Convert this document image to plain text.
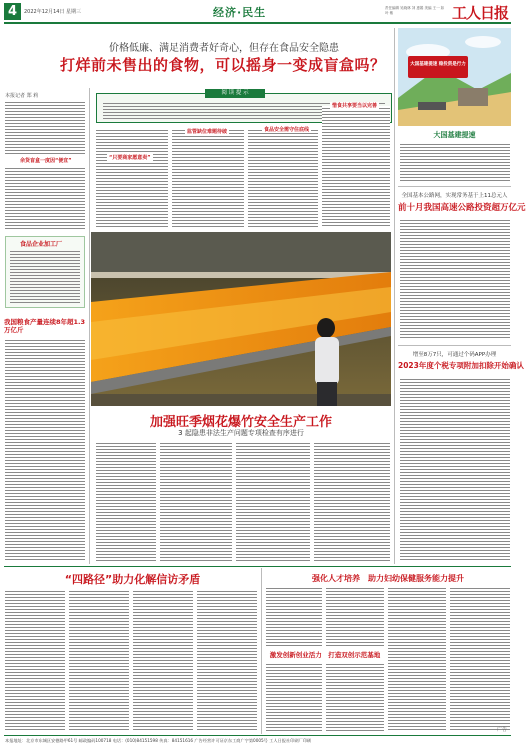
4	2022年12月14日 星期三	经济·民生	责任编辑 吴晓林 刘 惠娟 美编 王一 如 叶 敏	工人日报
价格低廉、满足消费者好奇心，但存在食品安全隐患
打烊前未售出的食物，可以摇身一变成盲盒吗？
本报记者 郑 莉
余货盲盒一度因“便宜”
阅 读 提 示
“只要商家愿意卖”
监管缺位难题待破	食品安全需守住底线
惜食共享要当以完善
食品企业加工厂
我国粮食产量连续8年超1.3万亿斤
加强旺季烟花爆竹安全生产工作
3 起隐患非法生产问题专项检查有序进行
大国基建提速 稳投资是行力
大国基建提速
全国基本公路网，实现常务基于上11总元人
前十月我国高速公路投资超万亿元
增至8万7只，可通过个码APP办理
2023年度个税专项附加扣除开始确认
“四路径”助力化解信访矛盾	强化人才培养　助力妇幼保健服务能力提升
激发创新创业活力　打造双创示范基地
广告
本报地址：北京市东城区安德路甲61号 邮政编码100718 电话：(010)84151598 传真：84151616 广告经营许可证京东工商广字第0005号 工人日报社印刷厂印刷
